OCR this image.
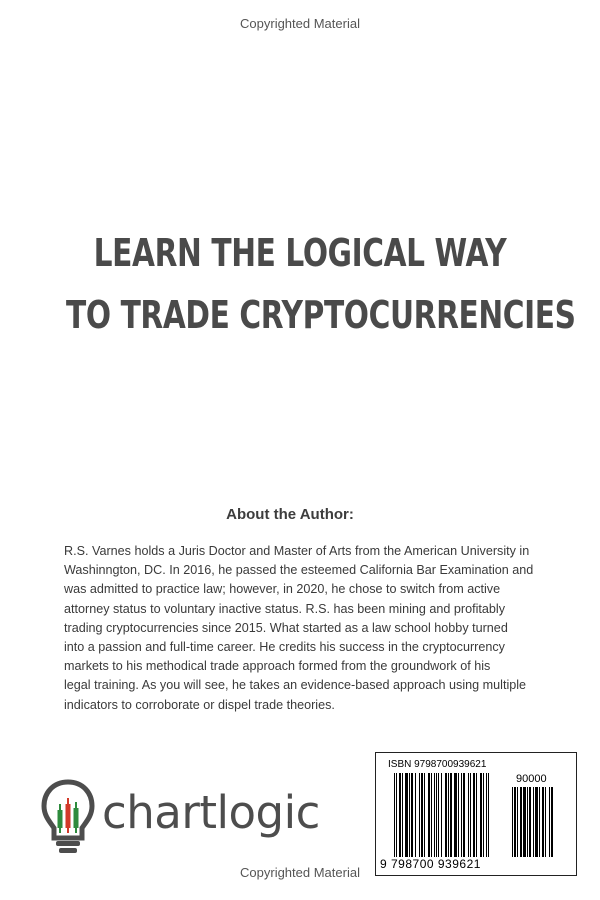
Copyrighted Material
LEARN THE LOGICAL WAY
TO TRADE CRYPTOCURRENCIES
About the Author:
R.S. Varnes holds a Juris Doctor and Master of Arts from the American University in
Washinngton, DC. In 2016, he passed the esteemed California Bar Examination and
was admitted to practice law; however, in 2020, he chose to switch from active
attorney status to voluntary inactive status. R.S. has been mining and profitably
trading cryptocurrencies since 2015. What started as a law school hobby turned
into a passion and full-time career. He credits his success in the cryptocurrency
markets to his methodical trade approach formed from the groundwork of his
legal training. As you will see, he takes an evidence-based approach using multiple
indicators to corroborate or dispel trade theories.
chartlogic
ISBN 9798700939621
90000
9 798700 939621
Copyrighted Material
